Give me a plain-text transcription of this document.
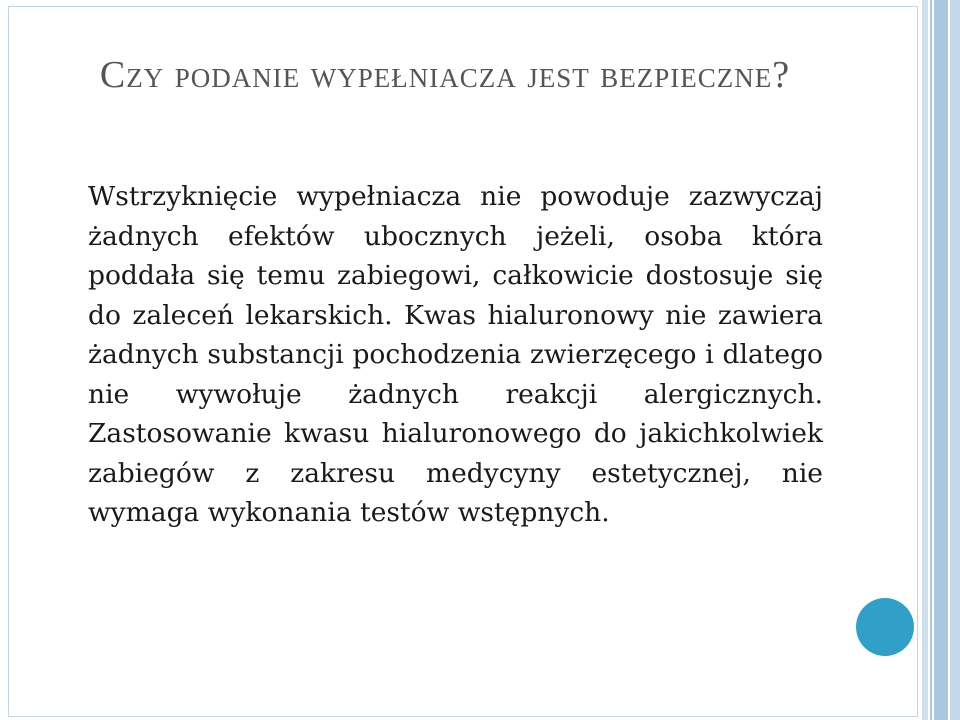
Czy podanie wypełniacza jest bezpieczne?

Wstrzyknięcie wypełniacza nie powoduje zazwyczaj żadnych efektów ubocznych jeżeli, osoba która poddała się temu zabiegowi, całkowicie dostosuje się do zaleceń lekarskich. Kwas hialuronowy nie zawiera żadnych substancji pochodzenia zwierzęcego i dlatego nie wywołuje żadnych reakcji alergicznych. Zastosowanie kwasu hialuronowego do jakichkolwiek zabiegów z zakresu medycyny estetycznej, nie wymaga wykonania testów wstępnych.
